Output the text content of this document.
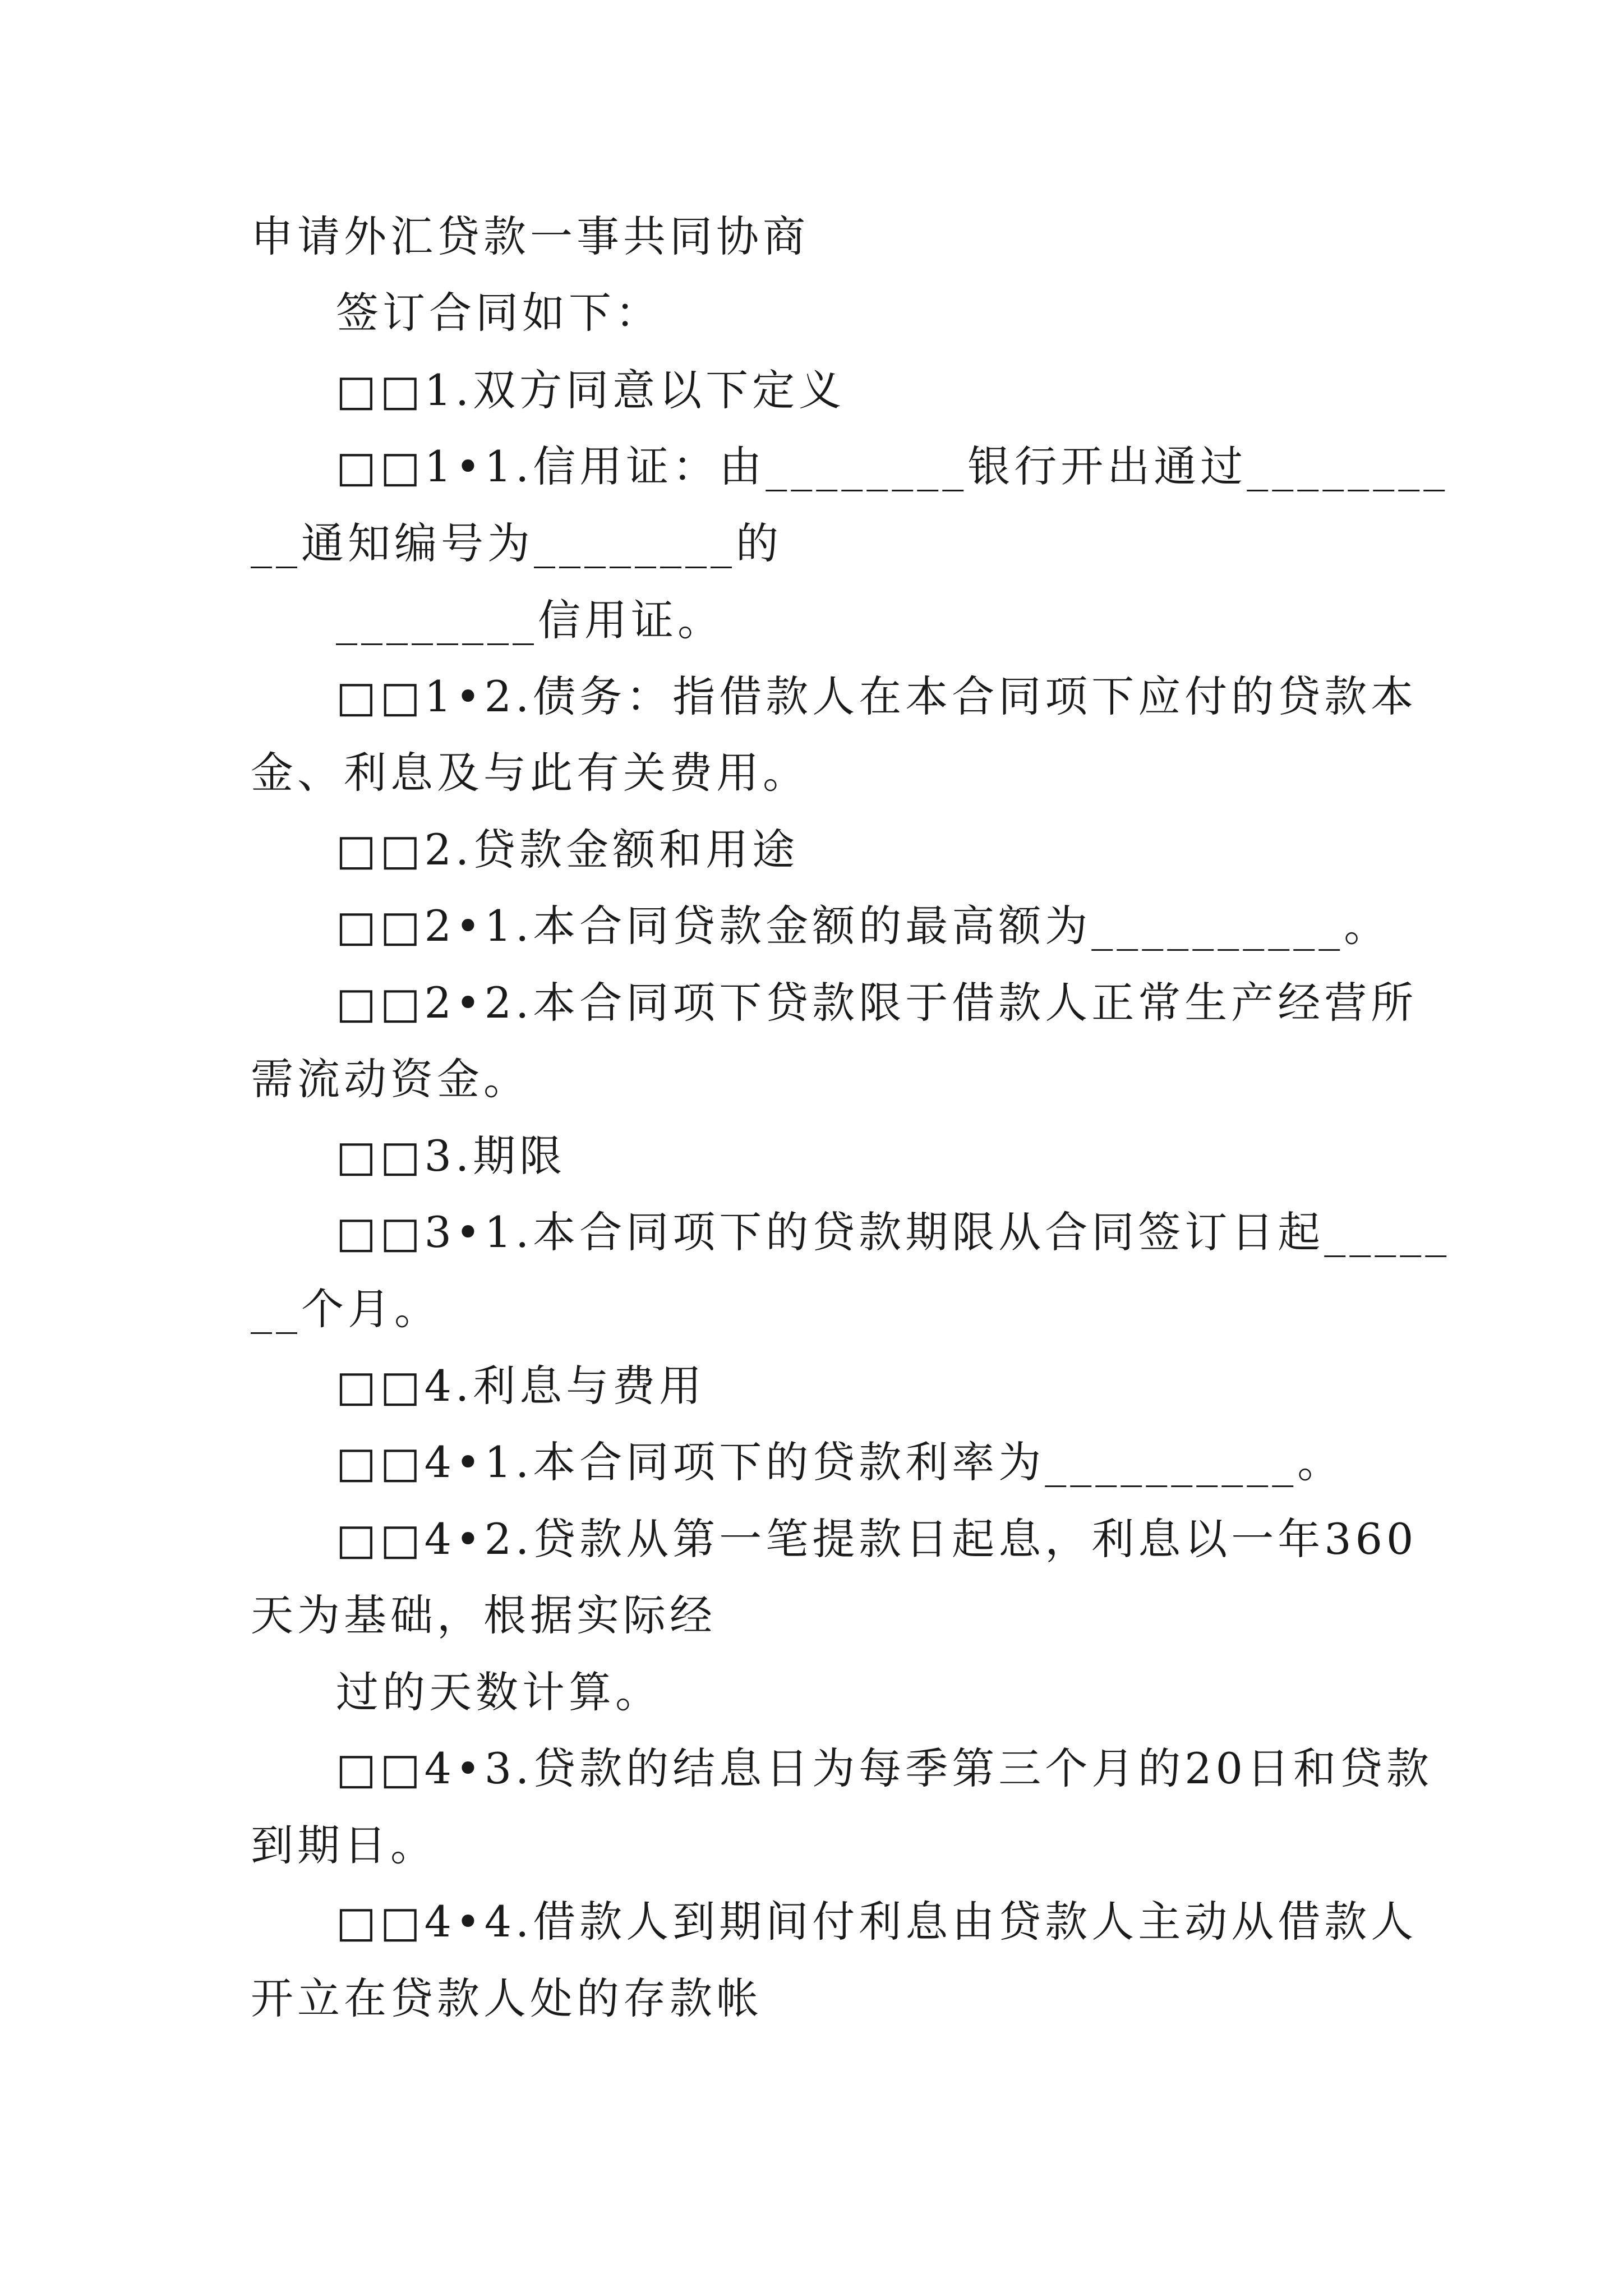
申请外汇贷款一事共同协商

签订合同如下：

□□1.双方同意以下定义

□□1•1.信用证：由________银行开出通过________

__通知编号为________的

________信用证。

□□1•2.债务：指借款人在本合同项下应付的贷款本

金、利息及与此有关费用。

□□2.贷款金额和用途

□□2•1.本合同贷款金额的最高额为__________。

□□2•2.本合同项下贷款限于借款人正常生产经营所

需流动资金。

□□3.期限

□□3•1.本合同项下的贷款期限从合同签订日起_____

__个月。

□□4.利息与费用

□□4•1.本合同项下的贷款利率为__________。

□□4•2.贷款从第一笔提款日起息，利息以一年360

天为基础，根据实际经

过的天数计算。

□□4•3.贷款的结息日为每季第三个月的20日和贷款

到期日。

□□4•4.借款人到期间付利息由贷款人主动从借款人

开立在贷款人处的存款帐
